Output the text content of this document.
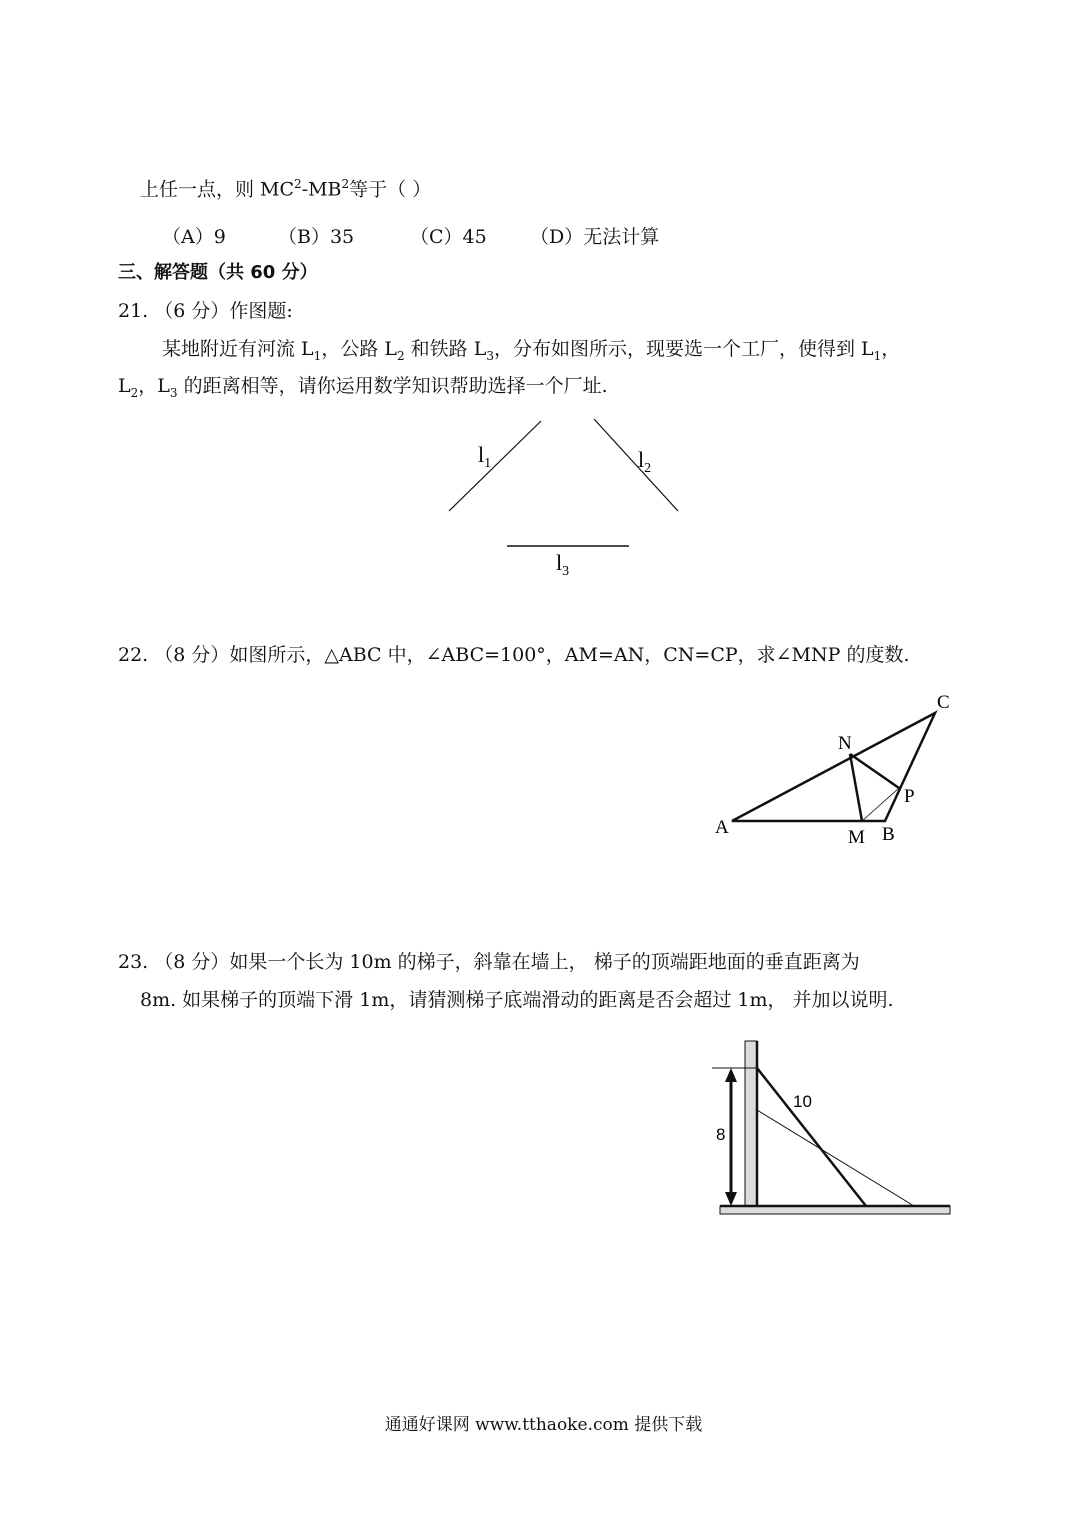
上任一点，则 $MC^2-MB^2$等于（ ）
（A）9	（B）35	（C）45 （D）无法计算
三、解答题（共 60 分）
21. （6 分）作图题:
某地附近有河流 $L_1$，公路 $L_2$ 和铁路 $L_3$，分布如图所示，现要选一个工厂，使得到 $L_1$，
$L_2$，$L_3$ 的距离相等，请你运用数学知识帮助选择一个厂址.
$l_1$	$l_2$
$l_3$
22. （8 分）如图所示，△ABC 中，∠ABC=100°，AM=AN，CN=CP，求∠MNP 的度数.
A	B
C
M
N
P
23. （8 分）如果一个长为 10m 的梯子，斜靠在墙上， 梯子的顶端距地面的垂直距离为
8m. 如果梯子的顶端下滑 1m，请猜测梯子底端滑动的距离是否会超过 1m， 并加以说明.
10
8
通通好课网 www.tthaoke.com 提供下载
